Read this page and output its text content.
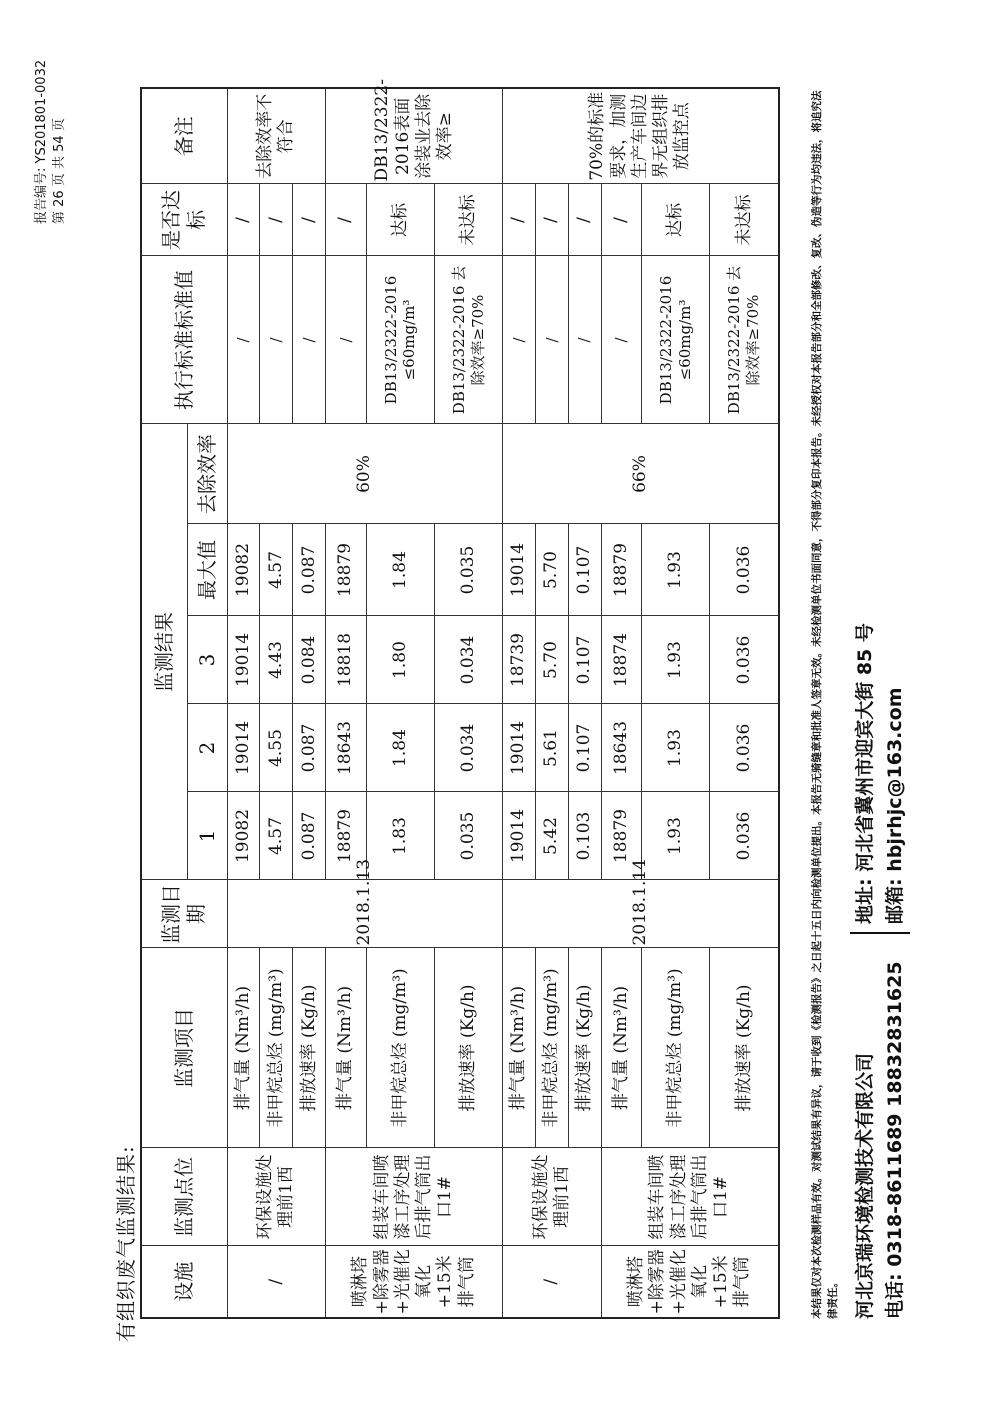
报告编号: YS201801-0032 第 26 页 共 54 页
有组织废气监测结果: 设施	监测点位	监测项目	监测日期	监测结果					执行标准标准值	是否达标	备注
				1	2	3	最大值	去除效率			
/	环保设施处理前1西	排气量 (Nm³/h)	2018.1.13	19082	19014	19014	19082	60%	/	/	去除效率不符合
		非甲烷总烃 (mg/m³)		4.57	4.55	4.43	4.57		/	/	
		排放速率 (Kg/h)		0.087	0.087	0.084	0.087		/	/	
喷淋塔+除雾器+光催化氧化+15米排气筒	组装车间喷漆工序处理后排气筒出口1#	排气量 (Nm³/h)		18879	18643	18818	18879		/	/	DB13/2322-2016表面涂装业去除效率≥
		非甲烷总烃 (mg/m³)		1.83	1.84	1.80	1.84		DB13/2322-2016 ≤60mg/m³	达标	
		排放速率 (Kg/h)		0.035	0.034	0.034	0.035		DB13/2322-2016 去除效率≥70%	未达标	
/	环保设施处理前1西	排气量 (Nm³/h)	2018.1.14	19014	19014	18739	19014	66%	/	/	70%的标准要求，加测生产车间边界无组织排放监控点
		非甲烷总烃 (mg/m³)		5.42	5.61	5.70	5.70		/	/	
		排放速率 (Kg/h)		0.103	0.107	0.107	0.107		/	/	
喷淋塔+除雾器+光催化氧化+15米排气筒	组装车间喷漆工序处理后排气筒出口1#	排气量 (Nm³/h)		18879	18643	18874	18879		/	/	
		非甲烷总烃 (mg/m³)		1.93	1.93	1.93	1.93		DB13/2322-2016 ≤60mg/m³	达标	
		排放速率 (Kg/h)		0.036	0.036	0.036	0.036		DB13/2322-2016 去除效率≥70%	未达标		本结果仅对本次检测样品有效。对测试结果有异议，请于收到《检测报告》之日起十五日内向检测单位提出。本报告无骑缝章和批准人签章无效。未经检测单位书面同意，不得部分复印本报告。未经授权对本报告部分和全部修改、复改、伪造等行为均违法，将追究法律责任。 河北京瑞环境检测技术有限公司 电话: 0318-8611689 18832831625
地址: 河北省冀州市迎宾大街 85 号 邮箱: hbjrhjc@163.com
